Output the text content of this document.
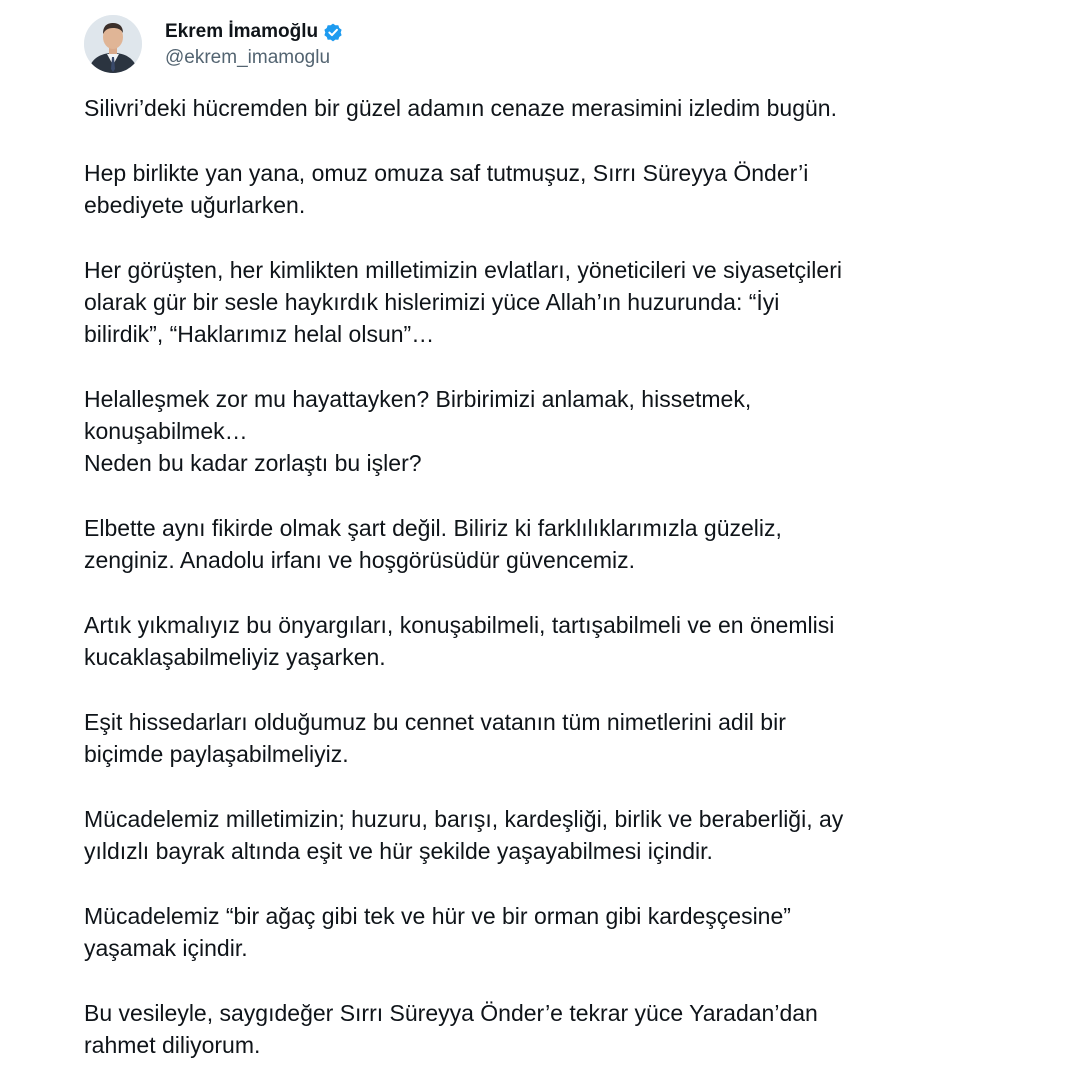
Ekrem İmamoğlu
@ekrem_imamoglu

Silivri’deki hücremden bir güzel adamın cenaze merasimini izledim bugün.

Hep birlikte yan yana, omuz omuza saf tutmuşuz, Sırrı Süreyya Önder’i
ebediyete uğurlarken.

Her görüşten, her kimlikten milletimizin evlatları, yöneticileri ve siyasetçileri
olarak gür bir sesle haykırdık hislerimizi yüce Allah’ın huzurunda: “İyi
bilirdik”, “Haklarımız helal olsun”…

Helalleşmek zor mu hayattayken? Birbirimizi anlamak, hissetmek,
konuşabilmek…
Neden bu kadar zorlaştı bu işler?

Elbette aynı fikirde olmak şart değil. Biliriz ki farklılıklarımızla güzeliz,
zenginiz. Anadolu irfanı ve hoşgörüsüdür güvencemiz.

Artık yıkmalıyız bu önyargıları, konuşabilmeli, tartışabilmeli ve en önemlisi
kucaklaşabilmeliyiz yaşarken.

Eşit hissedarları olduğumuz bu cennet vatanın tüm nimetlerini adil bir
biçimde paylaşabilmeliyiz.

Mücadelemiz milletimizin; huzuru, barışı, kardeşliği, birlik ve beraberliği, ay
yıldızlı bayrak altında eşit ve hür şekilde yaşayabilmesi içindir.

Mücadelemiz “bir ağaç gibi tek ve hür ve bir orman gibi kardeşçesine”
yaşamak içindir.

Bu vesileyle, saygıdeğer Sırrı Süreyya Önder’e tekrar yüce Yaradan’dan
rahmet diliyorum.
